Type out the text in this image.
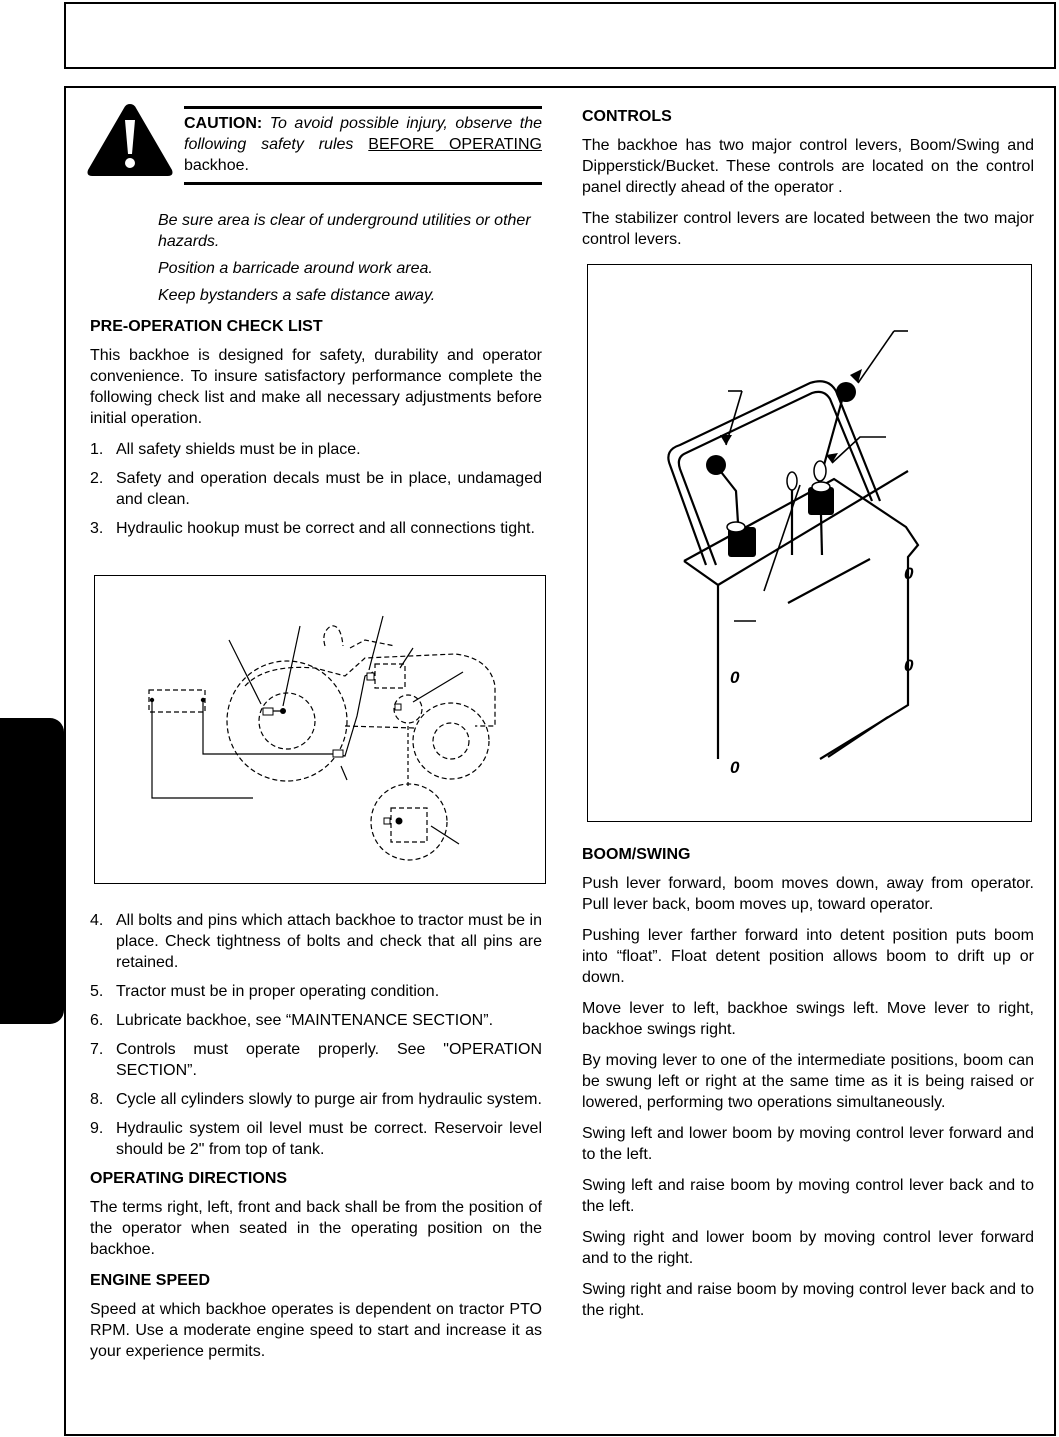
CAUTION: To avoid possible injury, observe the following safety rules BEFORE OPERATING backhoe.

Be sure area is clear of underground utilities or other hazards.

Position a barricade around work area.

Keep bystanders a safe distance away.

PRE-OPERATION CHECK LIST

This backhoe is designed for safety, durability and operator convenience. To insure satisfactory performance complete the following check list and make all necessary adjustments before initial operation.

1. All safety shields must be in place.
2. Safety and operation decals must be in place, undamaged and clean.
3. Hydraulic hookup must be correct and all connections tight.
4. All bolts and pins which attach backhoe to tractor must be in place. Check tightness of bolts and check that all pins are retained.
5. Tractor must be in proper operating condition.
6. Lubricate backhoe, see “MAINTENANCE SECTION”.
7. Controls must operate properly. See "OPERATION SECTION”.
8. Cycle all cylinders slowly to purge air from hydraulic system.
9. Hydraulic system oil level must be correct. Reservoir level should be 2" from top of tank.
OPERATING DIRECTIONS

The terms right, left, front and back shall be from the position of the operator when seated in the operating position on the backhoe.

ENGINE SPEED

Speed at which backhoe operates is dependent on tractor PTO RPM. Use a moderate engine speed to start and increase it as your experience permits.

CONTROLS

The backhoe has two major control levers, Boom/Swing and Dipperstick/Bucket. These controls are located on the control panel directly ahead of the operator .

The stabilizer control levers are located between the two major control levers.

0
0
0
0
BOOM/SWING

Push lever forward, boom moves down, away from operator. Pull lever back, boom moves up, toward operator.

Pushing lever farther forward into detent position puts boom into “float”. Float detent position allows boom to drift up or down.

Move lever to left, backhoe swings left. Move lever to right, backhoe swings right.

By moving lever to one of the intermediate positions, boom can be swung left or right at the same time as it is being raised or lowered, performing two operations simultaneously.

Swing left and lower boom by moving control lever forward and to the left.

Swing left and raise boom by moving control lever back and to the left.

Swing right and lower boom by moving control lever forward and to the right.

Swing right and raise boom by moving control lever back and to the right.
